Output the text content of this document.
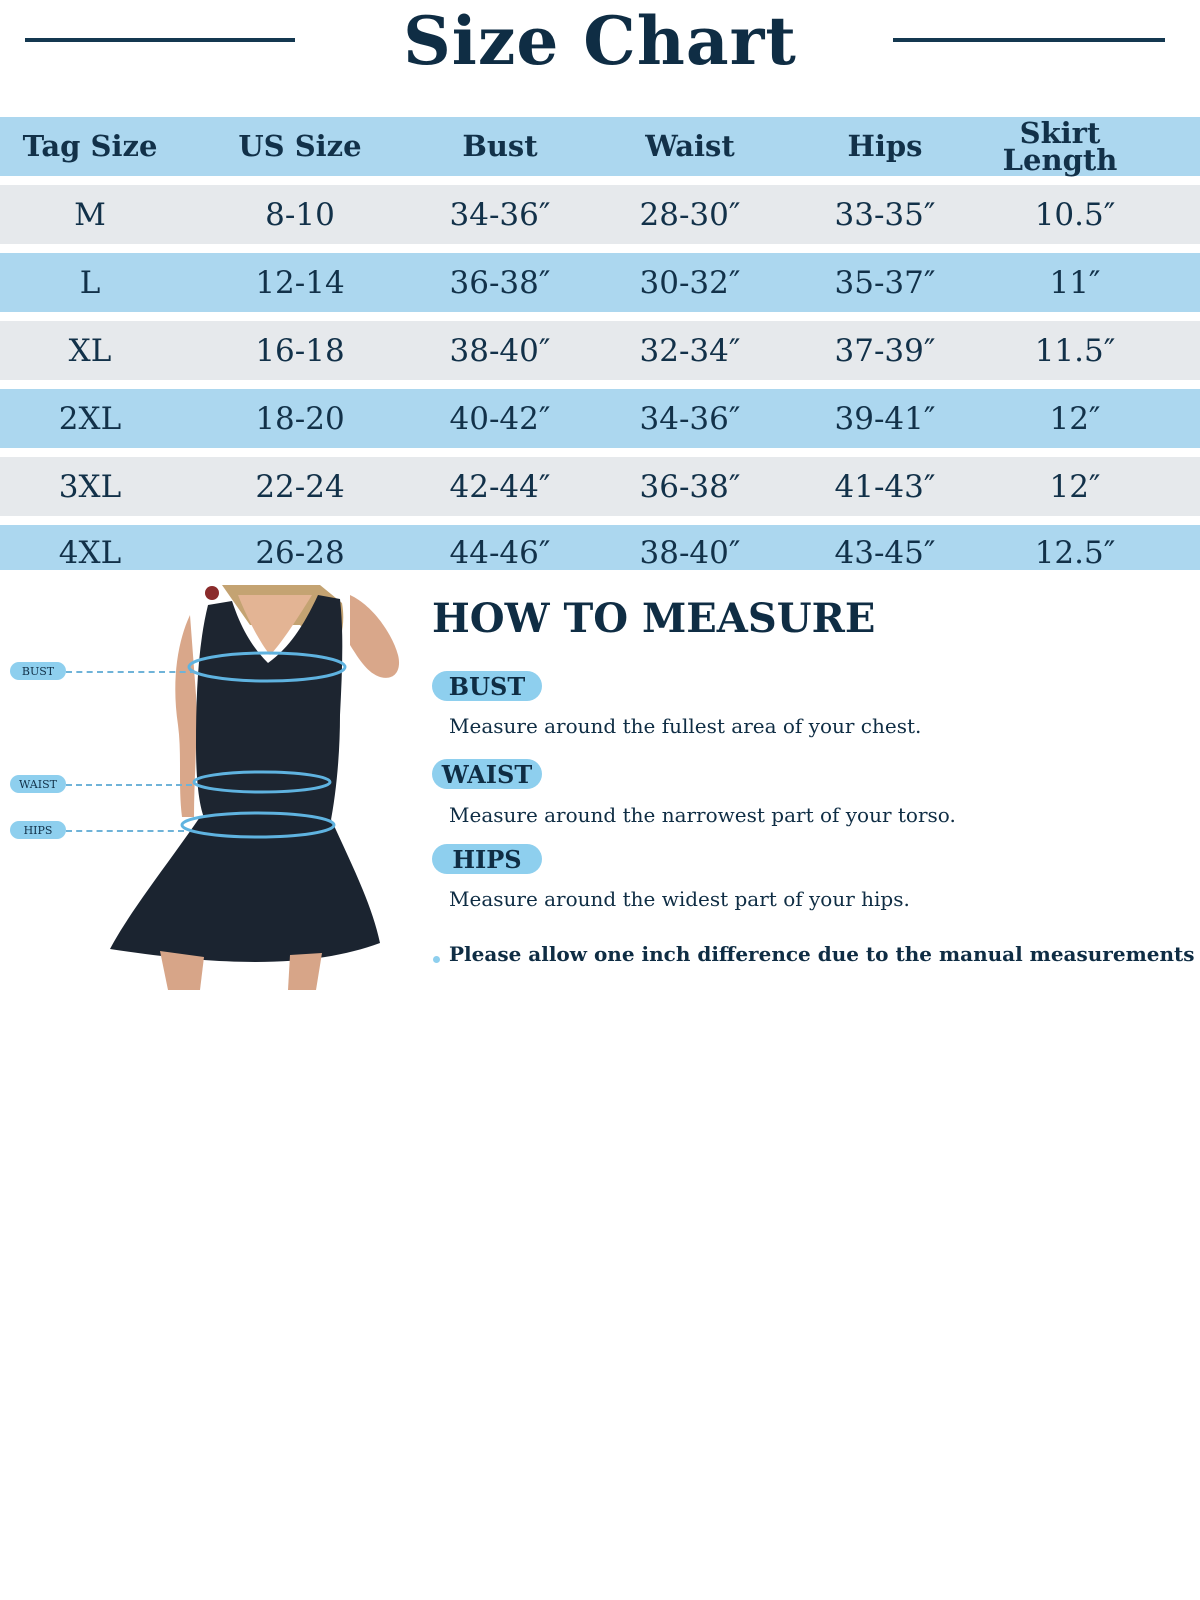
Size Chart
Tag Size	US Size	Bust	Waist	Hips	Skirt Length
M	8-10	34-36″	28-30″	33-35″	10.5″
L	12-14	36-38″	30-32″	35-37″	11″
XL	16-18	38-40″	32-34″	37-39″	11.5″
2XL	18-20	40-42″	34-36″	39-41″	12″
3XL	22-24	42-44″	36-38″	41-43″	12″
4XL	26-28	44-46″	38-40″	43-45″	12.5″
BUST
WAIST
HIPS
HOW TO MEASURE
BUST
Measure around the fullest area of your chest.
WAIST
Measure around the narrowest part of your torso.
HIPS
Measure around the widest part of your hips.
Please allow one inch difference due to the manual measurements
